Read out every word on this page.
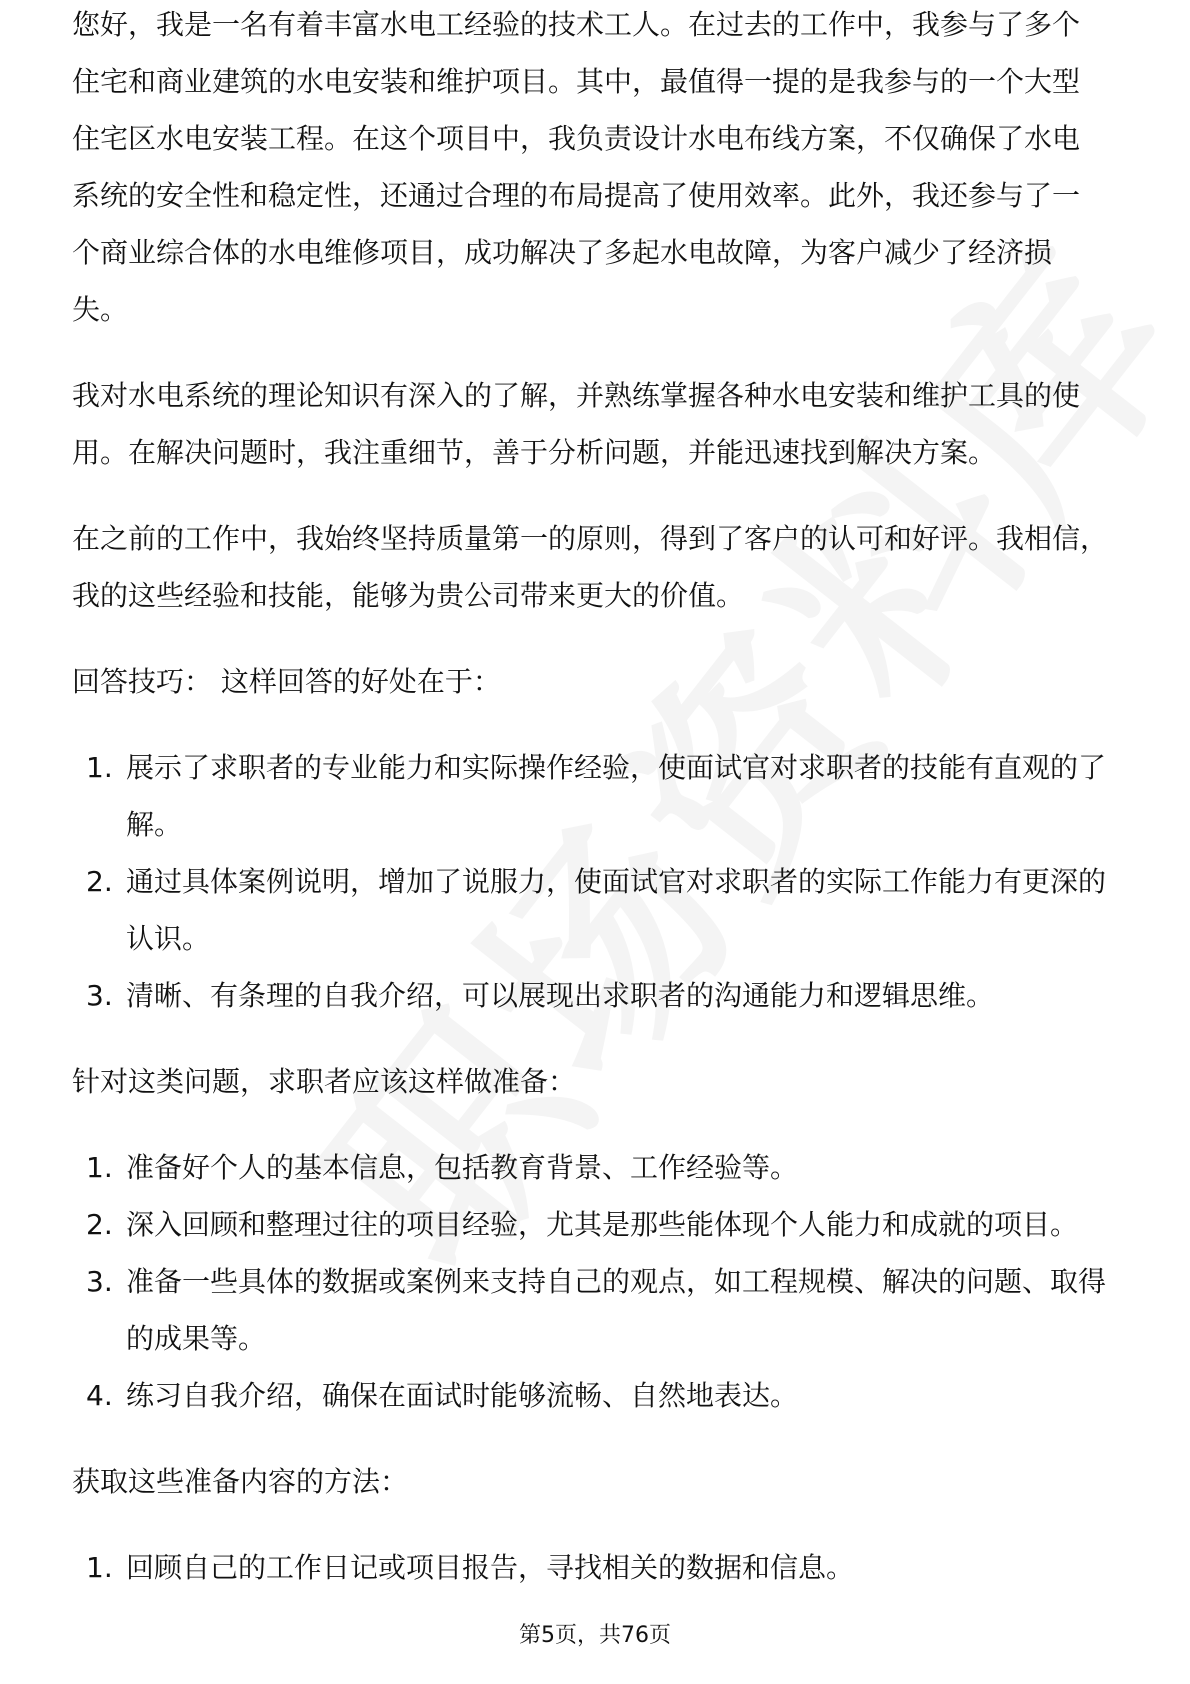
您好，我是一名有着丰富水电工经验的技术工人。在过去的工作中，我参与了多个
住宅和商业建筑的水电安装和维护项目。其中，最值得一提的是我参与的一个大型
住宅区水电安装工程。在这个项目中，我负责设计水电布线方案，不仅确保了水电
系统的安全性和稳定性，还通过合理的布局提高了使用效率。此外，我还参与了一
个商业综合体的水电维修项目，成功解决了多起水电故障，为客户减少了经济损
失。

我对水电系统的理论知识有深入的了解，并熟练掌握各种水电安装和维护工具的使用。在解决问题时，我注重细节，善于分析问题，并能迅速找到解决方案。

在之前的工作中，我始终坚持质量第一的原则，得到了客户的认可和好评。我相信，我的这些经验和技能，能够为贵公司带来更大的价值。

回答技巧： 这样回答的好处在于：

1. 展示了求职者的专业能力和实际操作经验，使面试官对求职者的技能有直观的了解。
2. 通过具体案例说明，增加了说服力，使面试官对求职者的实际工作能力有更深的认识。
3. 清晰、有条理的自我介绍，可以展现出求职者的沟通能力和逻辑思维。

针对这类问题，求职者应该这样做准备：

1. 准备好个人的基本信息，包括教育背景、工作经验等。
2. 深入回顾和整理过往的项目经验，尤其是那些能体现个人能力和成就的项目。
3. 准备一些具体的数据或案例来支持自己的观点，如工程规模、解决的问题、取得的成果等。
4. 练习自我介绍，确保在面试时能够流畅、自然地表达。

获取这些准备内容的方法：

1. 回顾自己的工作日记或项目报告，寻找相关的数据和信息。
第5页，共76页
